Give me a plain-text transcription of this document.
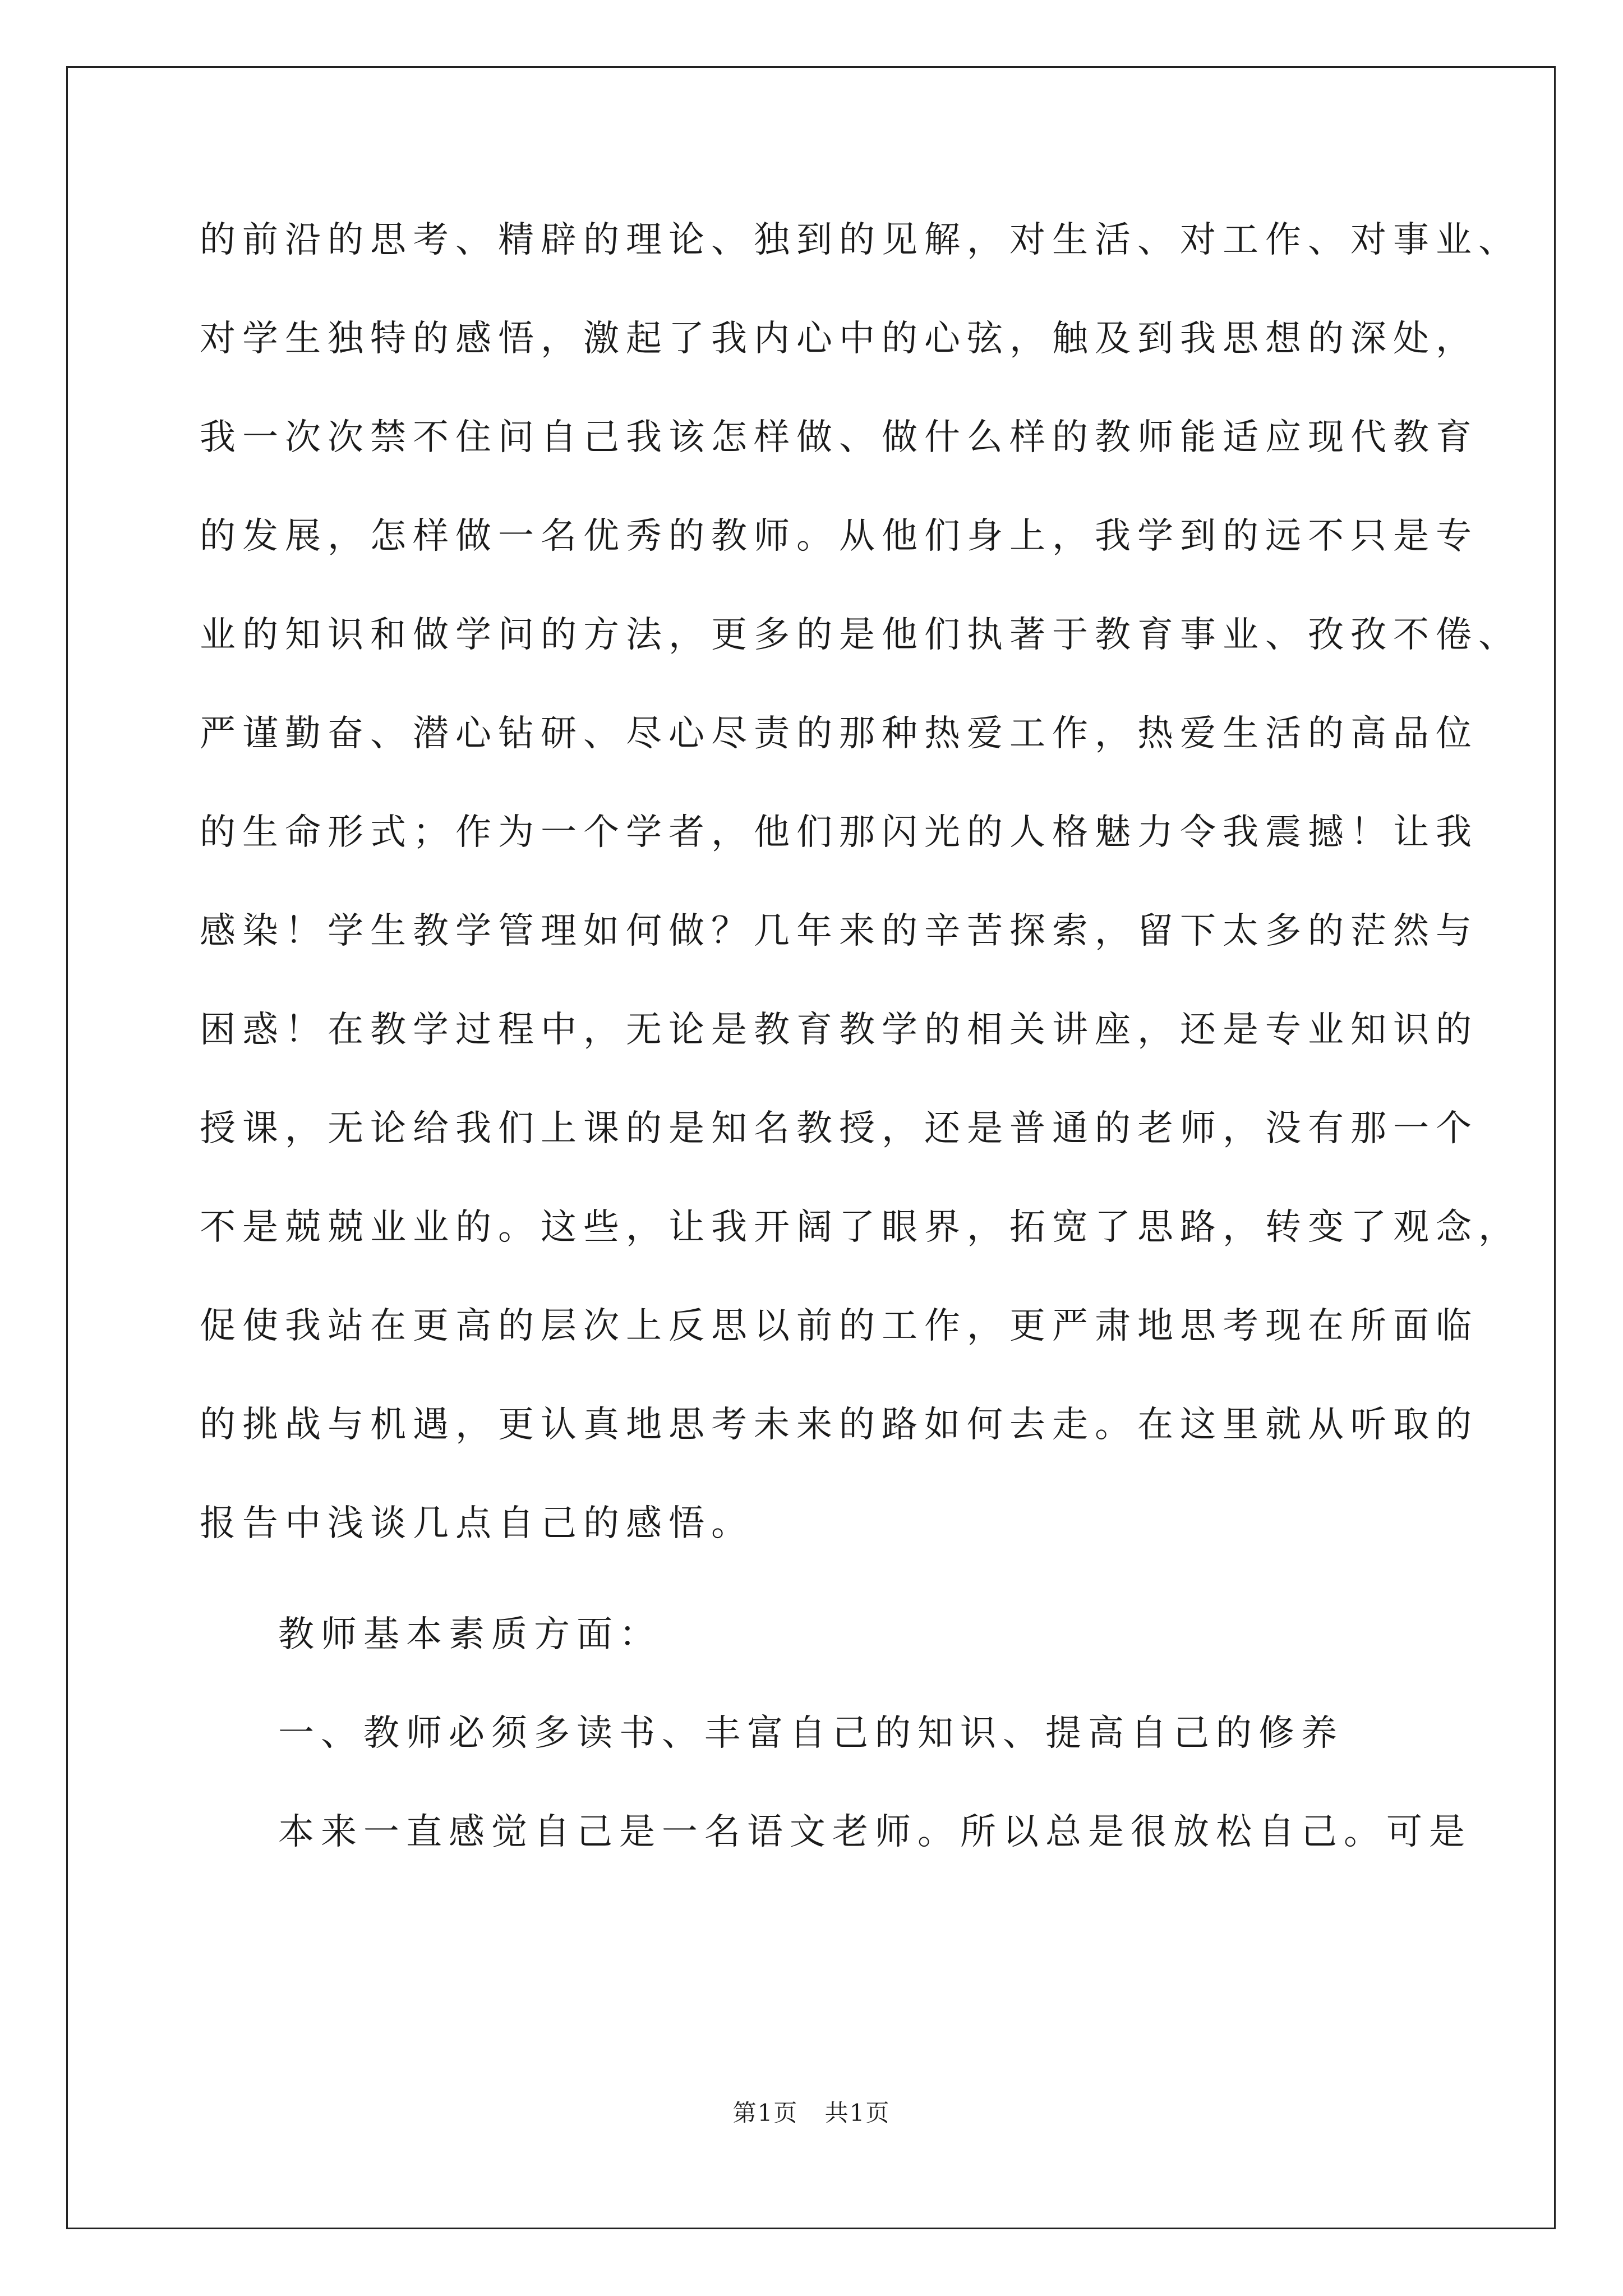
的前沿的思考、精辟的理论、独到的见解，对生活、对工作、对事业、
对学生独特的感悟，激起了我内心中的心弦，触及到我思想的深处，
我一次次禁不住问自己我该怎样做、做什么样的教师能适应现代教育
的发展，怎样做一名优秀的教师。从他们身上，我学到的远不只是专
业的知识和做学问的方法，更多的是他们执著于教育事业、孜孜不倦、
严谨勤奋、潜心钻研、尽心尽责的那种热爱工作，热爱生活的高品位
的生命形式；作为一个学者，他们那闪光的人格魅力令我震撼！让我
感染！学生教学管理如何做？几年来的辛苦探索，留下太多的茫然与
困惑！在教学过程中，无论是教育教学的相关讲座，还是专业知识的
授课，无论给我们上课的是知名教授，还是普通的老师，没有那一个
不是兢兢业业的。这些，让我开阔了眼界，拓宽了思路，转变了观念，
促使我站在更高的层次上反思以前的工作，更严肃地思考现在所面临
的挑战与机遇，更认真地思考未来的路如何去走。在这里就从听取的
报告中浅谈几点自己的感悟。
教师基本素质方面：
一、教师必须多读书、丰富自己的知识、提高自己的修养
本来一直感觉自己是一名语文老师。所以总是很放松自己。可是
第1页 共1页
